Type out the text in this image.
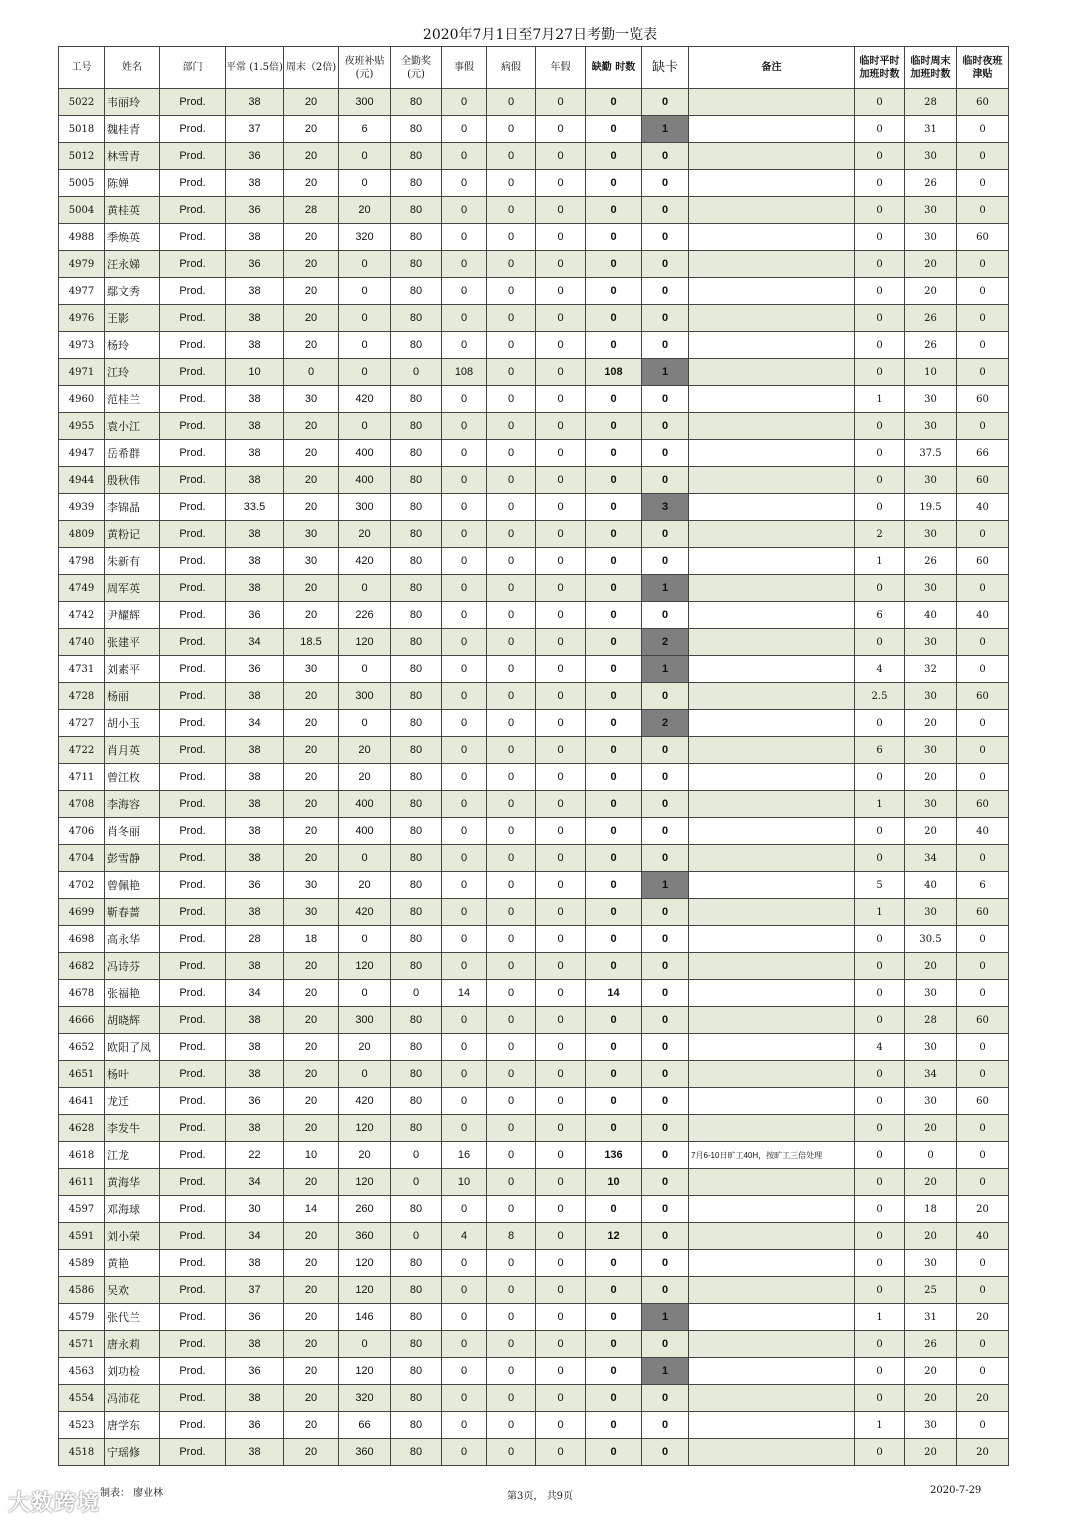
2020年7月1日至7月27日考勤一览表
工号	姓名	部门	平常 (1.5倍)	周末（2倍)	夜班补贴 (元)	全勤奖 (元)	事假	病假	年假	缺勤 时数	缺卡	备注	临时平时 加班时数	临时周末 加班时数	临时夜班 津贴
5022	韦丽玲	Prod.	38	20	300	80	0	0	0	0	0		0	28	60
5018	魏桂青	Prod.	37	20	6	80	0	0	0	0	1		0	31	0
5012	林雪青	Prod.	36	20	0	80	0	0	0	0	0		0	30	0
5005	陈婵	Prod.	38	20	0	80	0	0	0	0	0		0	26	0
5004	黄桂英	Prod.	36	28	20	80	0	0	0	0	0		0	30	0
4988	季焕英	Prod.	38	20	320	80	0	0	0	0	0		0	30	60
4979	汪永娣	Prod.	36	20	0	80	0	0	0	0	0		0	20	0
4977	鄢文秀	Prod.	38	20	0	80	0	0	0	0	0		0	20	0
4976	王影	Prod.	38	20	0	80	0	0	0	0	0		0	26	0
4973	杨玲	Prod.	38	20	0	80	0	0	0	0	0		0	26	0
4971	江玲	Prod.	10	0	0	0	108	0	0	108	1		0	10	0
4960	范桂兰	Prod.	38	30	420	80	0	0	0	0	0		1	30	60
4955	袁小江	Prod.	38	20	0	80	0	0	0	0	0		0	30	0
4947	岳希群	Prod.	38	20	400	80	0	0	0	0	0		0	37.5	66
4944	殷秋伟	Prod.	38	20	400	80	0	0	0	0	0		0	30	60
4939	李锦晶	Prod.	33.5	20	300	80	0	0	0	0	3		0	19.5	40
4809	黄粉记	Prod.	38	30	20	80	0	0	0	0	0		2	30	0
4798	朱新有	Prod.	38	30	420	80	0	0	0	0	0		1	26	60
4749	周军英	Prod.	38	20	0	80	0	0	0	0	1		0	30	0
4742	尹耀辉	Prod.	36	20	226	80	0	0	0	0	0		6	40	40
4740	张建平	Prod.	34	18.5	120	80	0	0	0	0	2		0	30	0
4731	刘素平	Prod.	36	30	0	80	0	0	0	0	1		4	32	0
4728	杨丽	Prod.	38	20	300	80	0	0	0	0	0		2.5	30	60
4727	胡小玉	Prod.	34	20	0	80	0	0	0	0	2		0	20	0
4722	肖月英	Prod.	38	20	20	80	0	0	0	0	0		6	30	0
4711	曾江枚	Prod.	38	20	20	80	0	0	0	0	0		0	20	0
4708	李海容	Prod.	38	20	400	80	0	0	0	0	0		1	30	60
4706	肖冬丽	Prod.	38	20	400	80	0	0	0	0	0		0	20	40
4704	彭雪静	Prod.	38	20	0	80	0	0	0	0	0		0	34	0
4702	曾佩艳	Prod.	36	30	20	80	0	0	0	0	1		5	40	6
4699	靳春蔷	Prod.	38	30	420	80	0	0	0	0	0		1	30	60
4698	高永华	Prod.	28	18	0	80	0	0	0	0	0		0	30.5	0
4682	冯诗芬	Prod.	38	20	120	80	0	0	0	0	0		0	20	0
4678	张福艳	Prod.	34	20	0	0	14	0	0	14	0		0	30	0
4666	胡晓辉	Prod.	38	20	300	80	0	0	0	0	0		0	28	60
4652	欧阳了凤	Prod.	38	20	20	80	0	0	0	0	0		4	30	0
4651	杨叶	Prod.	38	20	0	80	0	0	0	0	0		0	34	0
4641	龙迁	Prod.	36	20	420	80	0	0	0	0	0		0	30	60
4628	李发牛	Prod.	38	20	120	80	0	0	0	0	0		0	20	0
4618	江龙	Prod.	22	10	20	0	16	0	0	136	0	7月6-10日旷工40H，按旷工三倍处理	0	0	0
4611	黄海华	Prod.	34	20	120	0	10	0	0	10	0		0	20	0
4597	邓海球	Prod.	30	14	260	80	0	0	0	0	0		0	18	20
4591	刘小荣	Prod.	34	20	360	0	4	8	0	12	0		0	20	40
4589	黄艳	Prod.	38	20	120	80	0	0	0	0	0		0	30	0
4586	吴欢	Prod.	37	20	120	80	0	0	0	0	0		0	25	0
4579	张代兰	Prod.	36	20	146	80	0	0	0	0	1		1	31	20
4571	唐永莉	Prod.	38	20	0	80	0	0	0	0	0		0	26	0
4563	刘功检	Prod.	36	20	120	80	0	0	0	0	1		0	20	0
4554	冯沛花	Prod.	38	20	320	80	0	0	0	0	0		0	20	20
4523	唐学东	Prod.	36	20	66	80	0	0	0	0	0		1	30	0
4518	宁瑶修	Prod.	38	20	360	80	0	0	0	0	0		0	20	20
制表： 廖业林	第3页， 共9页
2020-7-29
大数跨境
